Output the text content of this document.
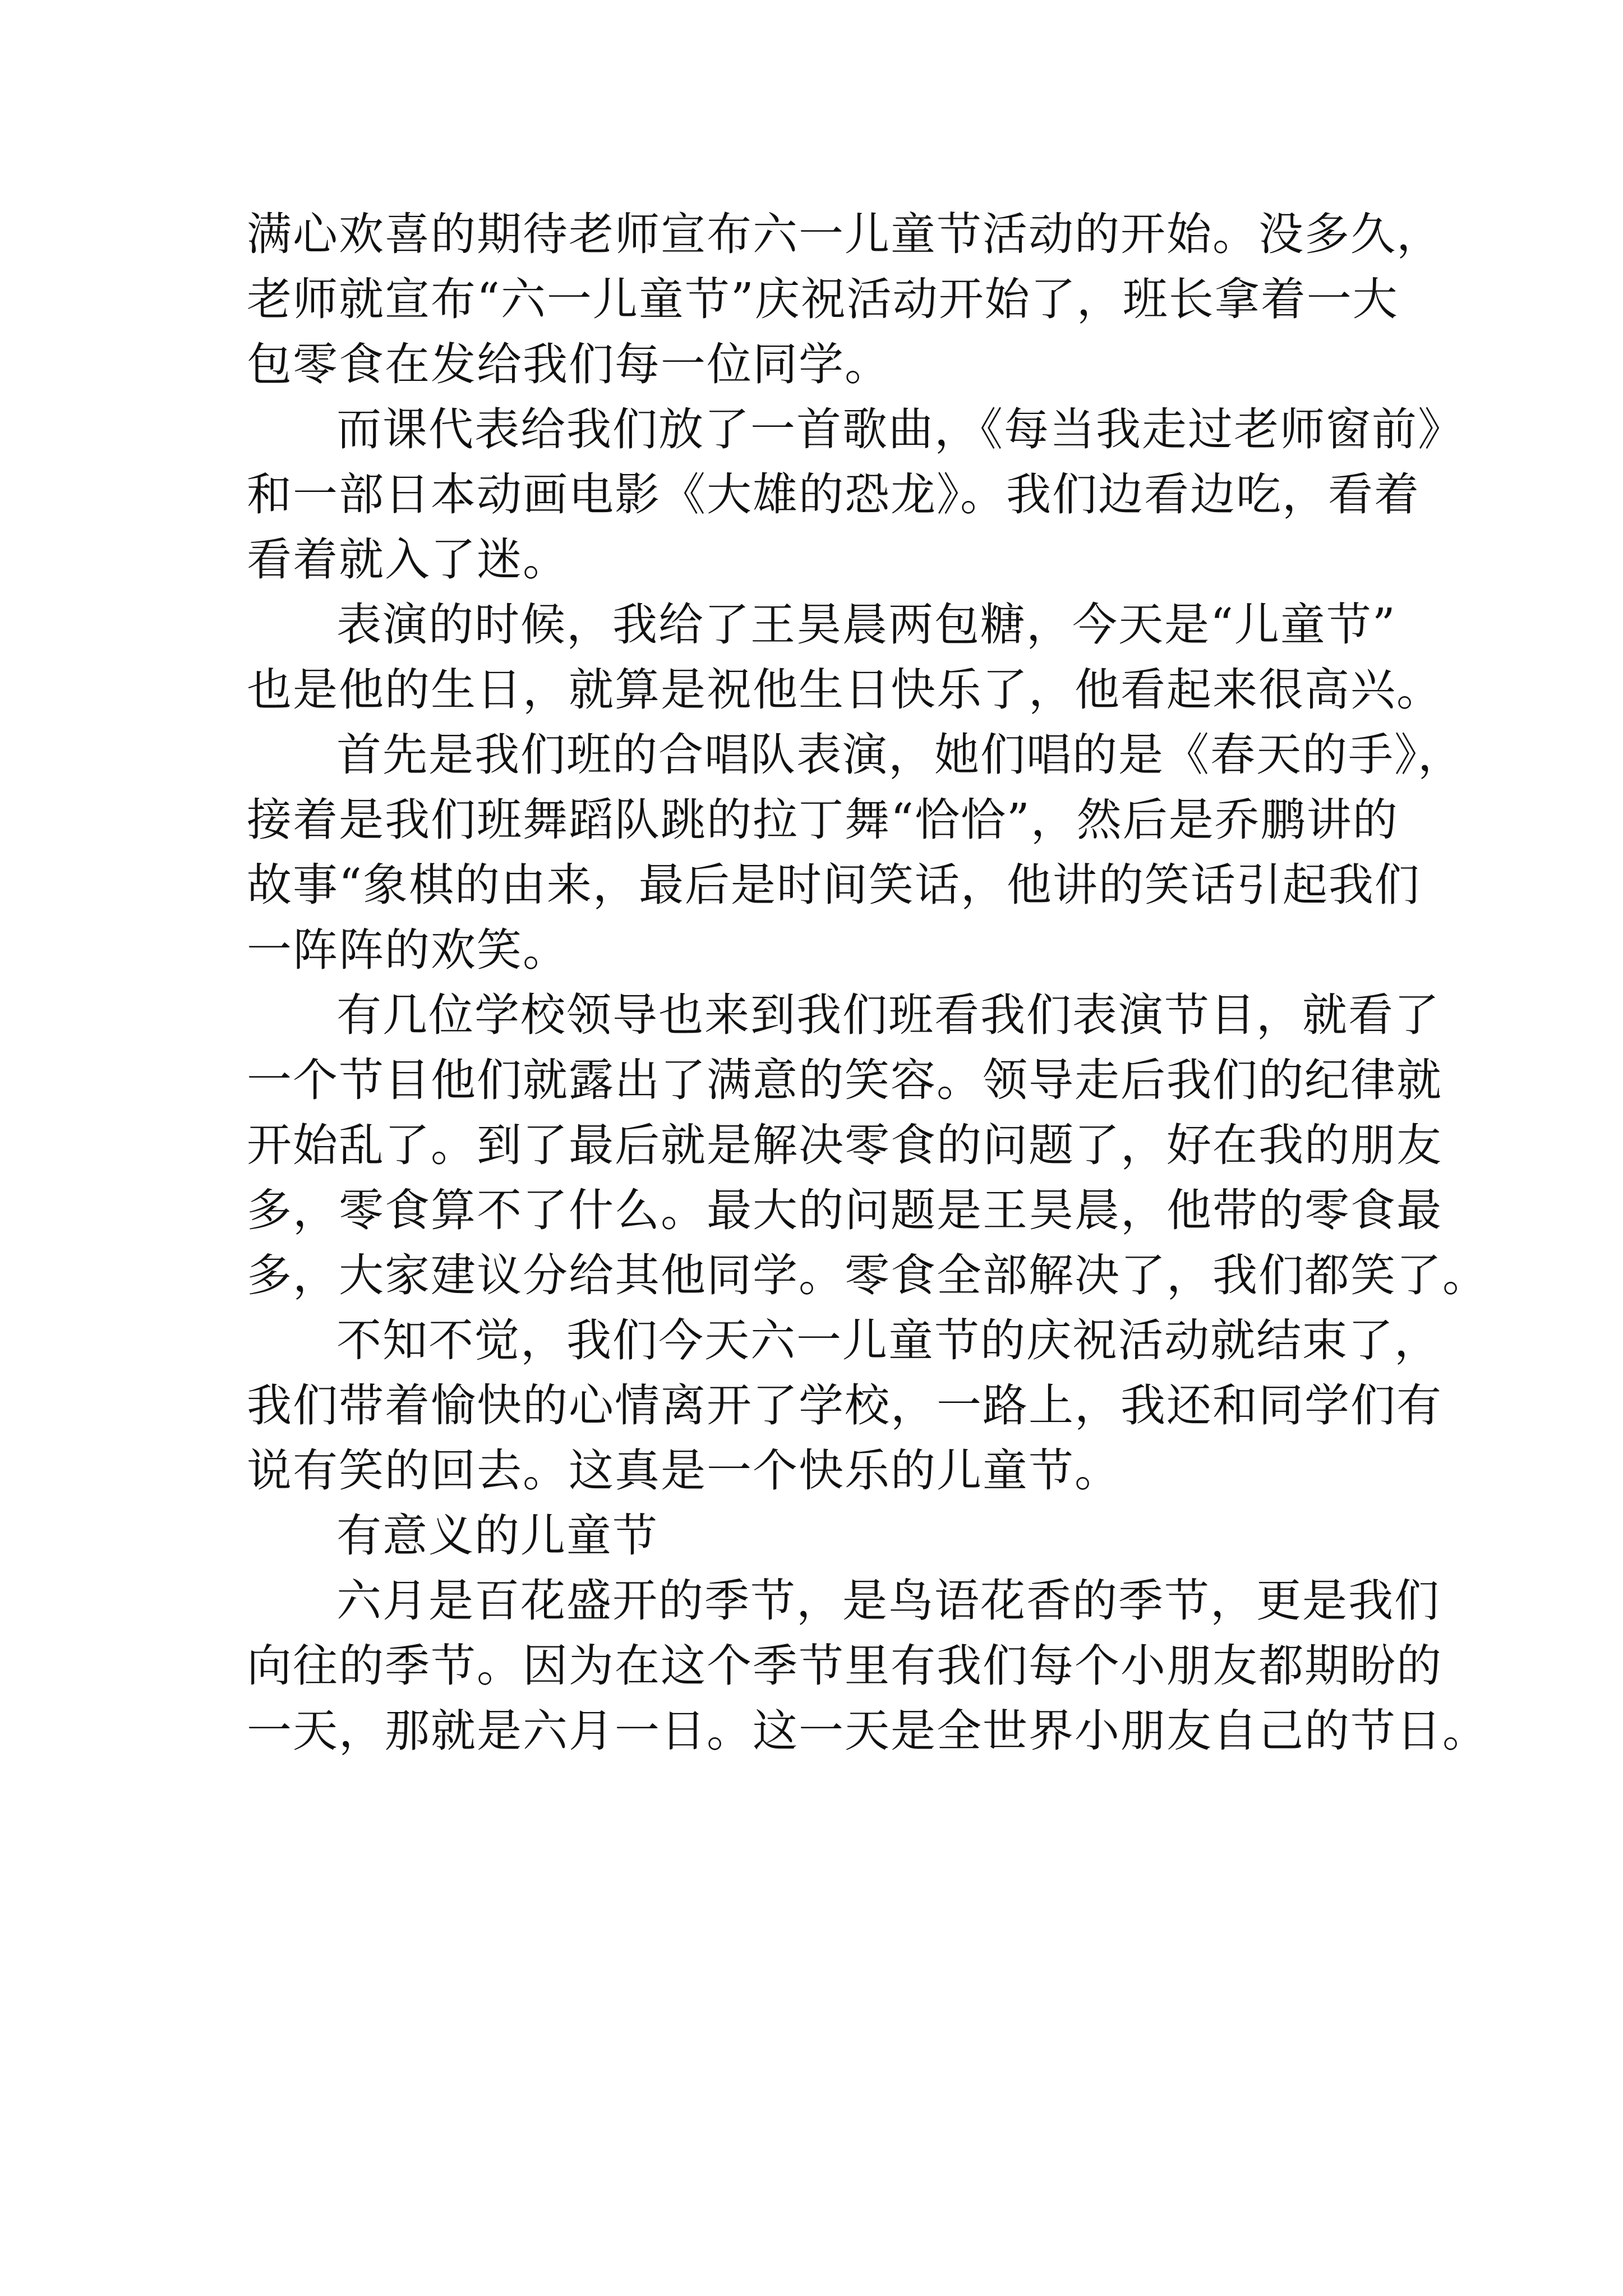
满心欢喜的期待老师宣布六一儿童节活动的开始。没多久，
老师就宣布“六一儿童节”庆祝活动开始了，班长拿着一大
包零食在发给我们每一位同学。
而课代表给我们放了一首歌曲，《每当我走过老师窗前》
和一部日本动画电影《大雄的恐龙》。我们边看边吃，看着
看着就入了迷。
表演的时候，我给了王昊晨两包糖，今天是“儿童节”
也是他的生日，就算是祝他生日快乐了，他看起来很高兴。
首先是我们班的合唱队表演，她们唱的是《春天的手》，
接着是我们班舞蹈队跳的拉丁舞“恰恰”，然后是乔鹏讲的
故事“象棋的由来，最后是时间笑话，他讲的笑话引起我们
一阵阵的欢笑。
有几位学校领导也来到我们班看我们表演节目，就看了
一个节目他们就露出了满意的笑容。领导走后我们的纪律就
开始乱了。到了最后就是解决零食的问题了，好在我的朋友
多，零食算不了什么。最大的问题是王昊晨，他带的零食最
多，大家建议分给其他同学。零食全部解决了，我们都笑了。
不知不觉，我们今天六一儿童节的庆祝活动就结束了，
我们带着愉快的心情离开了学校，一路上，我还和同学们有
说有笑的回去。这真是一个快乐的儿童节。
有意义的儿童节
六月是百花盛开的季节，是鸟语花香的季节，更是我们
向往的季节。因为在这个季节里有我们每个小朋友都期盼的
一天，那就是六月一日。这一天是全世界小朋友自己的节日。
